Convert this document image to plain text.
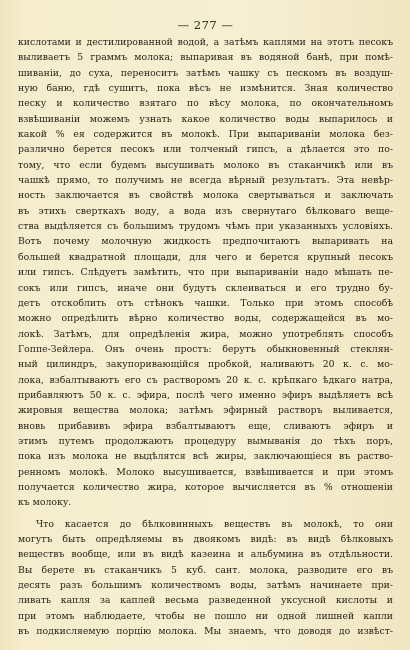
— 277 —
кислотами и дестилированной водой, а затѣмъ каплями на этотъ песокъ
выливаетъ 5 граммъ молока; выпаривая въ водяной банѣ, при помѣ-
шиваніи, до суха, переноситъ затѣмъ чашку съ пескомъ въ воздуш-
ную баню, гдѣ сушитъ, пока вѣсъ не измѣнится. Зная количество
песку и количество взятаго по вѣсу молока, по окончательномъ
взвѣшиваніи можемъ узнать какое количество воды выпарилось и
какой % ея содержится въ молокѣ. При выпариваніи молока без-
различно берется песокъ или толченый гипсъ, а дѣлается это по-
тому, что если будемъ высушивать молоко въ стаканчикѣ или въ
чашкѣ прямо, то получимъ не всегда вѣрный результатъ. Эта невѣр-
ность заключается въ свойствѣ молока свертываться и заключать
въ этихъ сверткахъ воду, а вода изъ свернутаго бѣлковаго веще-
ства выдѣляется съ большимъ трудомъ чѣмъ при указанныхъ условіяхъ.
Вотъ почему молочную жидкость предпочитаютъ выпаривать на
большей квадратной площади, для чего и берется крупный песокъ
или гипсъ. Слѣдуетъ замѣтить, что при выпариваніи надо мѣшать пе-
сокъ или гипсъ, иначе они будутъ склеиваться и его трудно бу-
детъ отскоблить отъ стѣнокъ чашки. Только при этомъ способѣ
можно опредѣлить вѣрно количество воды, содержащейся въ мо-
локѣ. Затѣмъ, для опредѣленія жира, можно употреблять способъ
Гоппе-Зейлера. Онъ очень простъ: берутъ обыкновенный стеклян-
ный цилиндръ, закупоривающійся пробкой, наливаютъ 20 к. с. мо-
лока, взбалтываютъ его съ растворомъ 20 к. с. крѣпкаго ѣдкаго натра,
прибавляютъ 50 к. с. эфира, послѣ чего именно эфиръ выдѣляетъ всѣ
жировыя вещества молока; затѣмъ эфирный растворъ выливается,
вновь прибавивъ эфира взбалтываютъ еще, сливаютъ эфиръ и
этимъ путемъ продолжаютъ процедуру вымыванія до тѣхъ поръ,
пока изъ молока не выдѣлятся всѣ жиры, заключающіеся въ раство-
ренномъ молокѣ. Молоко высушивается, взвѣшивается и при этомъ
получается количество жира, которое вычисляется въ % отношеніи
къ молоку.
Что касается до бѣлковинныхъ веществъ въ молокѣ, то они
могутъ быть опредѣляемы въ двоякомъ видѣ: въ видѣ бѣлковыхъ
веществъ вообще, или въ видѣ казеина и альбумина въ отдѣльности.
Вы берете въ стаканчикъ 5 куб. сант. молока, разводите его въ
десять разъ большимъ количествомъ воды, затѣмъ начинаете при-
ливать капля за каплей весьма разведенной уксусной кислоты и
при этомъ наблюдаете, чтобы не пошло ни одной лишней капли
въ подкисляемую порцію молока. Мы знаемъ, что доводя до извѣст-
